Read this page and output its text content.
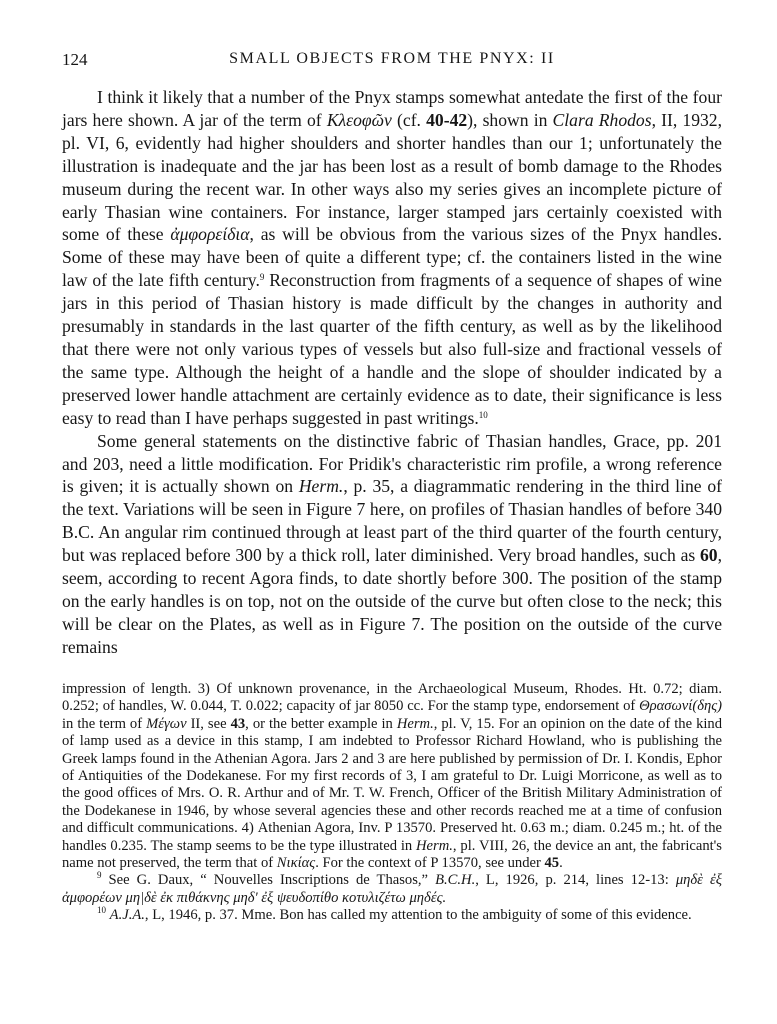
124	SMALL OBJECTS FROM THE PNYX: II

I think it likely that a number of the Pnyx stamps somewhat antedate the first of the four jars here shown. A jar of the term of Κλεοφῶν (cf. 40-42), shown in Clara Rhodos, II, 1932, pl. VI, 6, evidently had higher shoulders and shorter handles than our 1; unfortunately the illustration is inadequate and the jar has been lost as a result of bomb damage to the Rhodes museum during the recent war. In other ways also my series gives an incomplete picture of early Thasian wine containers. For instance, larger stamped jars certainly coexisted with some of these ἀμφορείδια, as will be obvious from the various sizes of the Pnyx handles. Some of these may have been of quite a different type; cf. the containers listed in the wine law of the late fifth century.$^9$ Reconstruction from fragments of a sequence of shapes of wine jars in this period of Thasian history is made difficult by the changes in authority and presumably in standards in the last quarter of the fifth century, as well as by the likelihood that there were not only various types of vessels but also full-size and fractional vessels of the same type. Although the height of a handle and the slope of shoulder indicated by a preserved lower handle attachment are certainly evidence as to date, their significance is less easy to read than I have perhaps suggested in past writings.$^{10}$

Some general statements on the distinctive fabric of Thasian handles, Grace, pp. 201 and 203, need a little modification. For Pridik's characteristic rim profile, a wrong reference is given; it is actually shown on Herm., p. 35, a diagrammatic rendering in the third line of the text. Variations will be seen in Figure 7 here, on profiles of Thasian handles of before 340 B.C. An angular rim continued through at least part of the third quarter of the fourth century, but was replaced before 300 by a thick roll, later diminished. Very broad handles, such as 60, seem, according to recent Agora finds, to date shortly before 300. The position of the stamp on the early handles is on top, not on the outside of the curve but often close to the neck; this will be clear on the Plates, as well as in Figure 7. The position on the outside of the curve remains

impression of length. 3) Of unknown provenance, in the Archaeological Museum, Rhodes. Ht. 0.72; diam. 0.252; of handles, W. 0.044, T. 0.022; capacity of jar 8050 cc. For the stamp type, endorsement of Θρασωνί(δης) in the term of Μέγων II, see 43, or the better example in Herm., pl. V, 15. For an opinion on the date of the kind of lamp used as a device in this stamp, I am indebted to Professor Richard Howland, who is publishing the Greek lamps found in the Athenian Agora. Jars 2 and 3 are here published by permission of Dr. I. Kondis, Ephor of Antiquities of the Dodekanese. For my first records of 3, I am grateful to Dr. Luigi Morricone, as well as to the good offices of Mrs. O. R. Arthur and of Mr. T. W. French, Officer of the British Military Administration of the Dodekanese in 1946, by whose several agencies these and other records reached me at a time of confusion and difficult communications. 4) Athenian Agora, Inv. P 13570. Preserved ht. 0.63 m.; diam. 0.245 m.; ht. of the handles 0.235. The stamp seems to be the type illustrated in Herm., pl. VIII, 26, the device an ant, the fabricant's name not preserved, the term that of Νικίας. For the context of P 13570, see under 45.

$^9$ See G. Daux, “ Nouvelles Inscriptions de Thasos,” B.C.H., L, 1926, p. 214, lines 12-13: μηδὲ ἐξ ἀμφορέων μη|δὲ ἐκ πιθάκνης μηδ' ἐξ ψευδοπίθο κοτυλιζέτω μηδές.

$^{10}$ A.J.A., L, 1946, p. 37. Mme. Bon has called my attention to the ambiguity of some of this evidence.
